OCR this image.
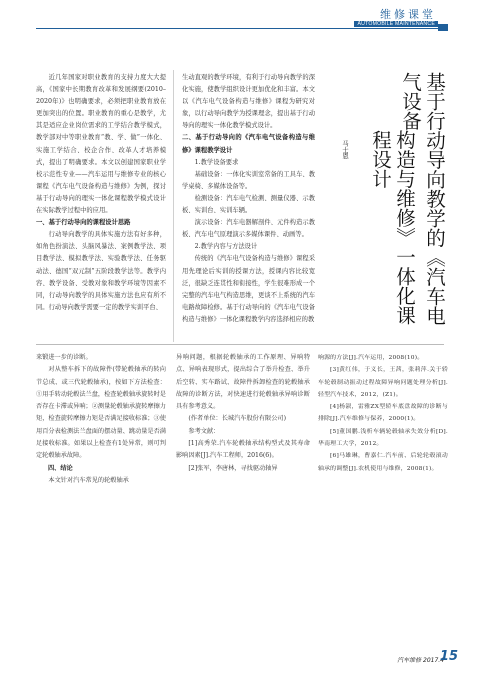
维修课堂
AUTOMOBILE MAINTENANCE

近几年国家对职业教育的支持力度大大提高，《国家中长期教育改革和发展纲要(2010–2020年)》也明确要求，必须把职业教育放在更加突出的位置。职业教育的重心是教学，尤其是适应企业岗位需求的工学结合教学模式，教学部对中等职业教育“教、学、做”一体化、实施工学结合、校企合作、改革人才培养模式，提出了明确要求。本文以创建国家职业学校示范性专业——汽车运用与维修专业的核心课程《汽车电气设备构造与维修》为例，探讨基于行动导向的理实一体化课程教学模式设计在实际教学过程中的应用。

一、基于行动导向的课程设计思路

行动导向教学的具体实施方法有好多种，如角色扮演法、头脑风暴法、案例教学法、项目教学法、模拟教学法、实验教学法、任务驱动法、德国“双元制”五阶段教学法等。教学内容、教学设备、受教对象和教学环境等因素不同，行动导向教学的具体实施方法也应有所不同。行动导向教学需要一定的教学实训平台、

生动直观的教学环境，有利于行动导向教学的深化实施，使教学组织设计更加优化和丰富。本文以《汽车电气设备构造与维修》课程为研究对象，以行动导向教学为授课理念，提出基于行动导向的理实一体化教学模式设计。

二、基于行动导向的《汽车电气设备构造与维修》课程教学设计

1.教学设备要求

基础设备：一体化实训室常备的工具车、教学桌椅、多媒体设备等。

检测设备：汽车电气检测、测量仪器、示教板、实训台、实训车辆。

演示设备：汽车电器解剖件、元件构造示教板、汽车电气原理演示多媒体课件、动画等。

2.教学内容与方法设计

传统的《汽车电气设备构造与维修》课程采用先理论后实训的授课方法，授课内容比较宽泛，很缺乏连贯性和衔接性，学生很难形成一个完整的汽车电气构造思维，更谈不上系统的汽车电路故障检修。基于行动导向的《汽车电气设备构造与维修》一体化课程教学内容选择相应的教

马士恩	基于行动导向教学的《汽车电气设备
构造与维修》一体化课程设计

来锻进一步的诊断。

对从整车拆下的故障件(带轮毂轴承的转向节总成、或三代轮毂轴承)，按如下方法检查：①用手转动轮毂法兰盘，检查轮毂轴承旋转时是否存在卡滞或异响；②测量轮毂轴承旋转摩擦力矩，检查旋转摩擦力矩是否满足接收标准；③使用百分表检测法兰盘面的摆动量、跳动量是否满足接收标准。如果以上检查有1处异常，则可判定轮毂轴承故障。

四、结论

本文针对汽车常见的轮毂轴承

异响问题，根据轮毂轴承的工作原理、异响特点、异响表现形式，提出综合了举升检查、举升后空转、实车路试、故障件拆卸检查的轮毂轴承故障的诊断方法，对快速进行轮毂轴承异响诊断具有参考意义。

(作者单位：长城汽车股份有限公司)

参考文献：

[1]高秀荣.汽车轮毂轴承结构型式及其寿命影响因素[J].汽车工程师，2016(6)。

[2]张军，李唐林，寻找驱动轴异

响源的方法[J].汽车运用，2008(10)。

[3]黄红伟，于义长，王茜，张莉萍.关于轿车轮毂制动振动过程故障异响问题处理分析[J].轻型汽车技术，2012，(Z1)。

[4]杨淑，雷雅ZX型轿车底盘故障的诊断与排除[J].汽车维修与保养，2000(1)。

[5]董国鹏.浅析车辆轮毂轴承失效分析[D].华南理工大学，2012。

[6]马雄琳，曹嘉仁.汽车前、后轮轮毂滚动轴承的调整[J].农机使用与维修，2008(1)。

汽车维修 2017.4
15
